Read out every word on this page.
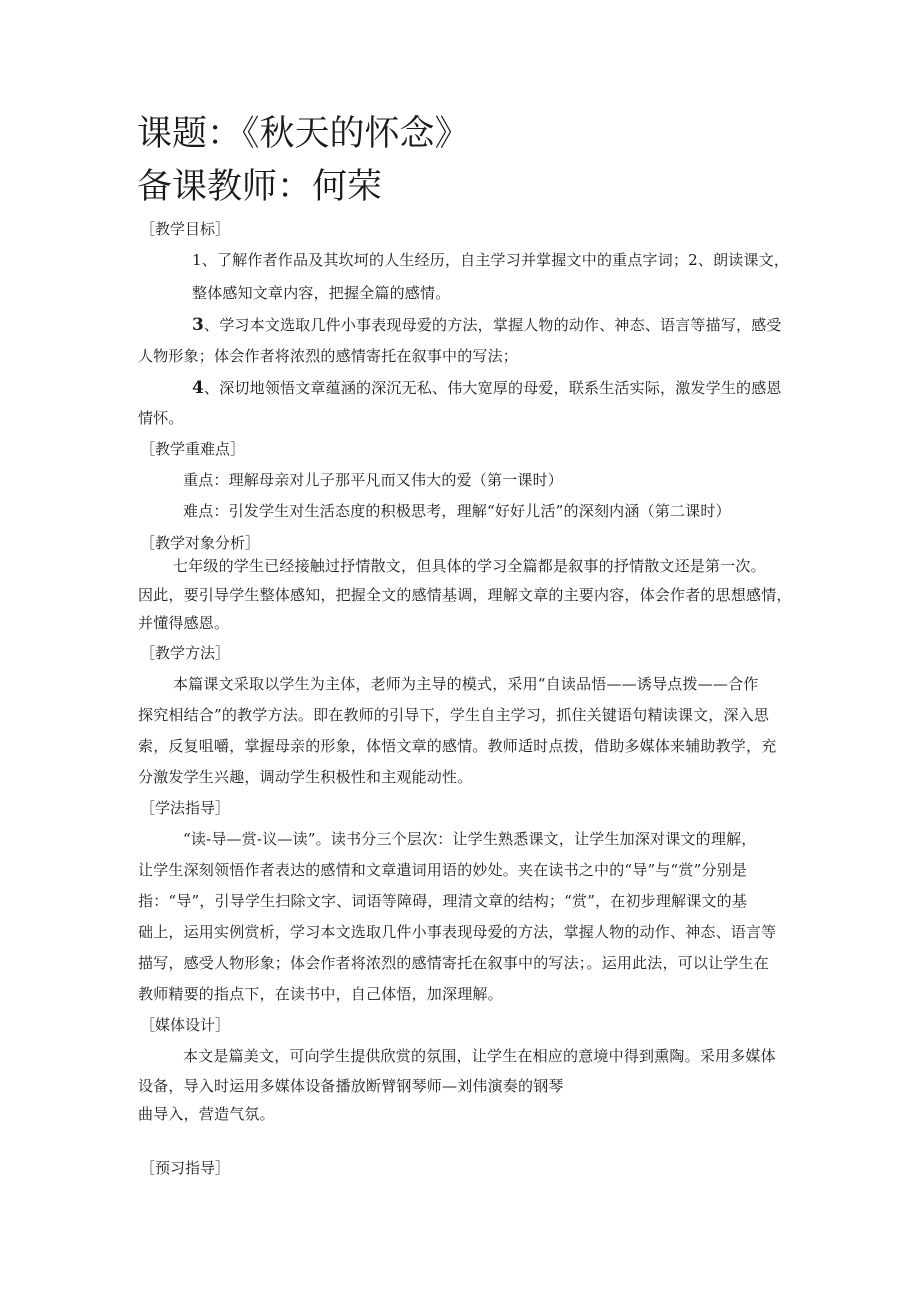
课题：《秋天的怀念》
备课教师：何荣
［教学目标］
1、了解作者作品及其坎坷的人生经历，自主学习并掌握文中的重点字词；2、朗读课文，
整体感知文章内容，把握全篇的感情。
3、学习本文选取几件小事表现母爱的方法，掌握人物的动作、神态、语言等描写，感受
人物形象；体会作者将浓烈的感情寄托在叙事中的写法；
4、深切地领悟文章蕴涵的深沉无私、伟大宽厚的母爱，联系生活实际，激发学生的感恩
情怀。
［教学重难点］
重点：理解母亲对儿子那平凡而又伟大的爱（第一课时）
难点：引发学生对生活态度的积极思考，理解“好好儿活”的深刻内涵（第二课时）
［教学对象分析］
七年级的学生已经接触过抒情散文，但具体的学习全篇都是叙事的抒情散文还是第一次。
因此，要引导学生整体感知，把握全文的感情基调，理解文章的主要内容，体会作者的思想感情，
并懂得感恩。
［教学方法］
本篇课文采取以学生为主体，老师为主导的模式，采用“自读品悟——诱导点拨——合作
探究相结合”的教学方法。即在教师的引导下，学生自主学习，抓住关键语句精读课文，深入思
索，反复咀嚼，掌握母亲的形象，体悟文章的感情。教师适时点拨，借助多媒体来辅助教学，充
分激发学生兴趣，调动学生积极性和主观能动性。
［学法指导］
“读-导—赏-议—读”。读书分三个层次：让学生熟悉课文，让学生加深对课文的理解，
让学生深刻领悟作者表达的感情和文章遣词用语的妙处。夹在读书之中的“导”与“赏”分别是
指：“导”，引导学生扫除文字、词语等障碍，理清文章的结构；“赏”，在初步理解课文的基
础上，运用实例赏析，学习本文选取几件小事表现母爱的方法，掌握人物的动作、神态、语言等
描写，感受人物形象；体会作者将浓烈的感情寄托在叙事中的写法；。运用此法，可以让学生在
教师精要的指点下，在读书中，自己体悟，加深理解。
［媒体设计］
本文是篇美文，可向学生提供欣赏的氛围，让学生在相应的意境中得到熏陶。采用多媒体
设备，导入时运用多媒体设备播放断臂钢琴师—刘伟演奏的钢琴
曲导入，营造气氛。
［预习指导］
